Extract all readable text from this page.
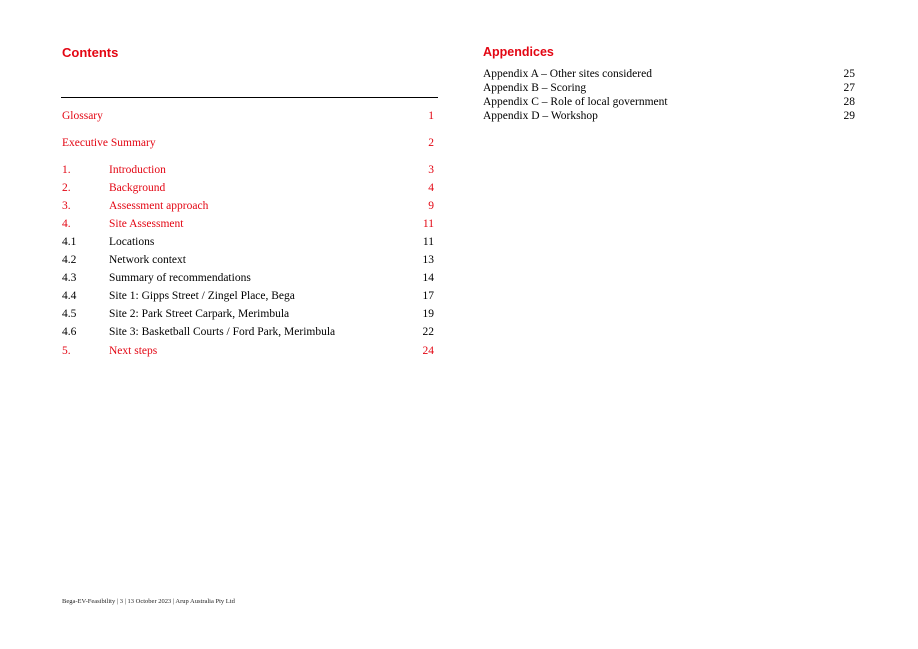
Contents
Glossary	1
Executive Summary	2
1.	Introduction	3
2.	Background	4
3.	Assessment approach	9
4.	Site Assessment	11
4.1	Locations	11
4.2	Network context	13
4.3	Summary of recommendations	14
4.4	Site 1: Gipps Street / Zingel Place, Bega	17
4.5	Site 2: Park Street Carpark, Merimbula	19
4.6	Site 3: Basketball Courts / Ford Park, Merimbula	22
5.	Next steps	24
Appendices
Appendix A – Other sites considered	25
Appendix B – Scoring	27
Appendix C – Role of local government	28
Appendix D – Workshop	29
Bega-EV-Feasibility | 3 | 13 October 2023 | Arup Australia Pty Ltd
